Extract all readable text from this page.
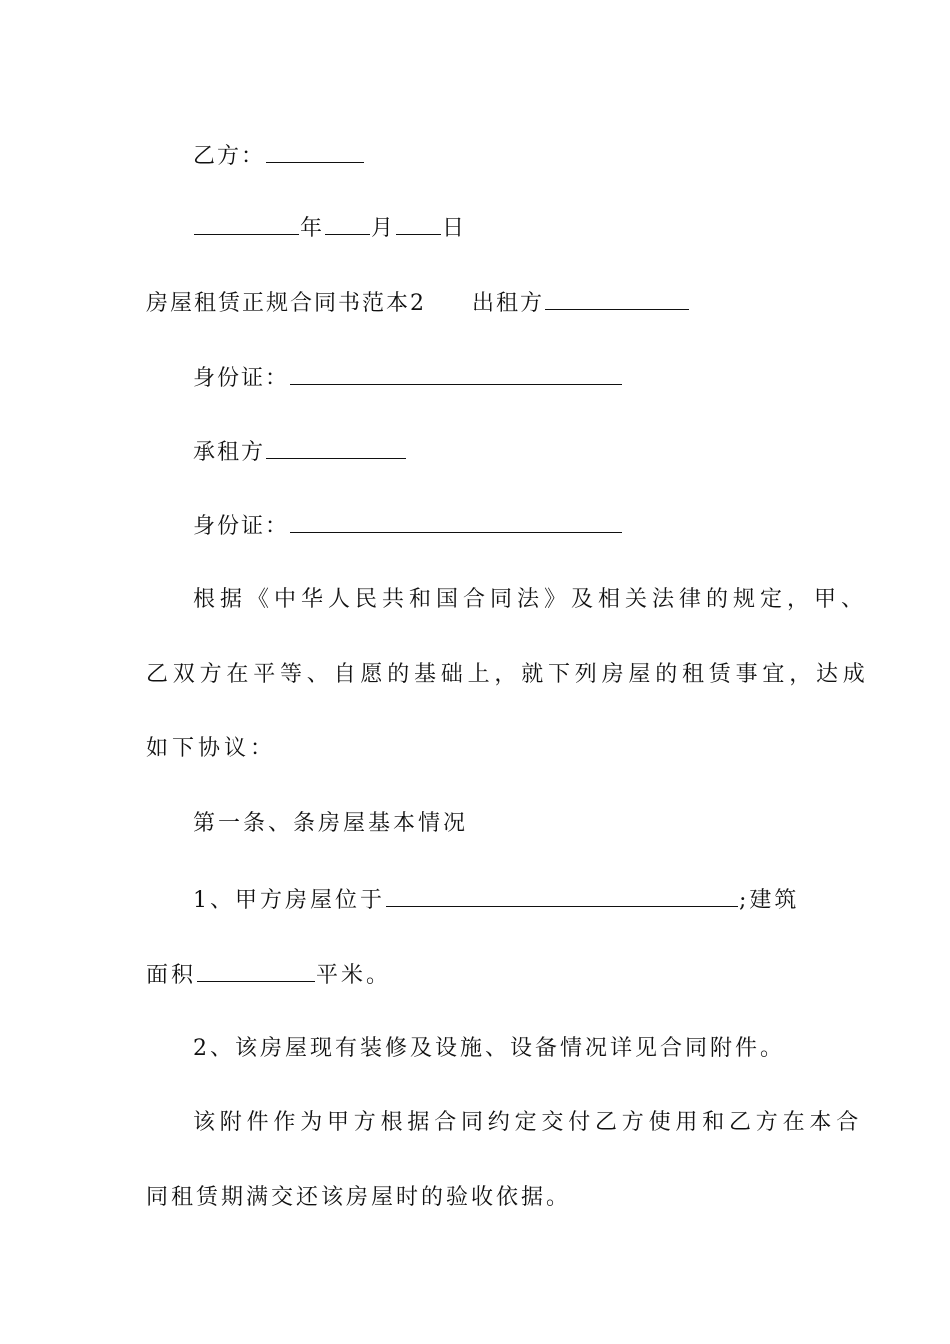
乙方：
年 月 日
房屋租赁正规合同书范本2 出租方
身份证：
承租方
身份证：
根据《中华人民共和国合同法》及相关法律的规定，甲、
乙双方在平等、自愿的基础上，就下列房屋的租赁事宜，达成
如下协议：
第一条、条房屋基本情况
1、甲方房屋位于	;建筑
面积	平米。
2、该房屋现有装修及设施、设备情况详见合同附件。
该附件作为甲方根据合同约定交付乙方使用和乙方在本合
同租赁期满交还该房屋时的验收依据。
